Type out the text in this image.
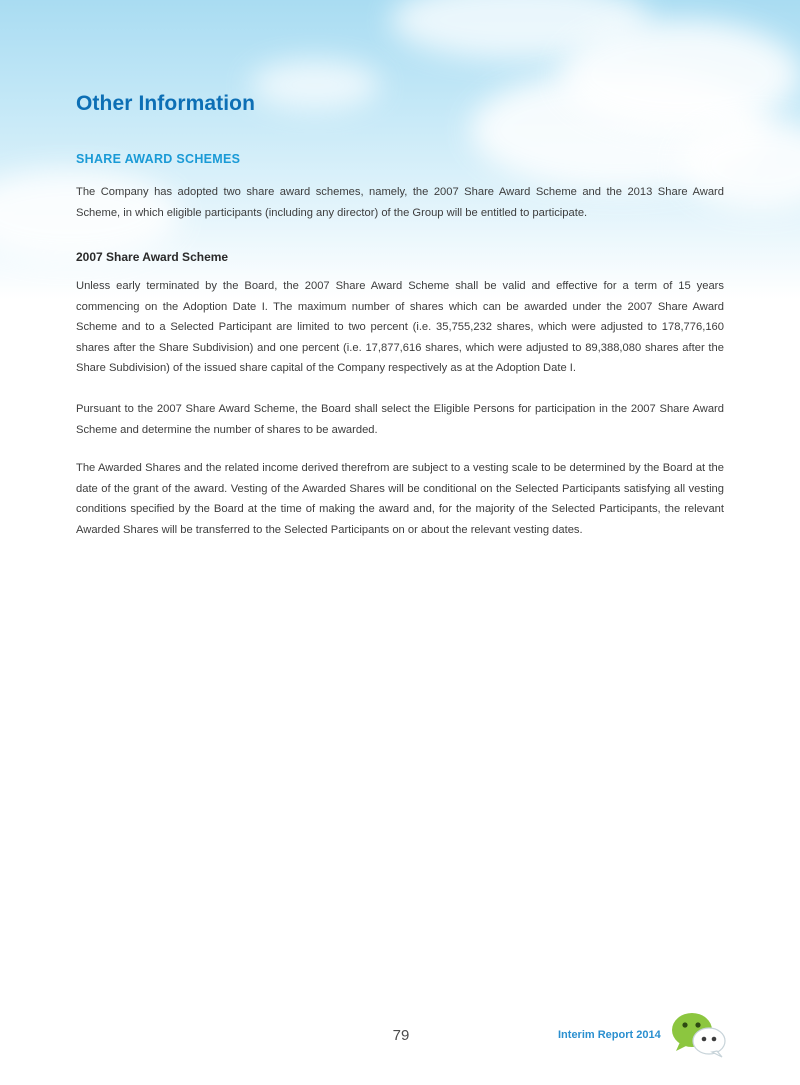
Other Information
SHARE AWARD SCHEMES

The Company has adopted two share award schemes, namely, the 2007 Share Award Scheme and the 2013 Share Award Scheme, in which eligible participants (including any director) of the Group will be entitled to participate.

2007 Share Award Scheme

Unless early terminated by the Board, the 2007 Share Award Scheme shall be valid and effective for a term of 15 years commencing on the Adoption Date I. The maximum number of shares which can be awarded under the 2007 Share Award Scheme and to a Selected Participant are limited to two percent (i.e. 35,755,232 shares, which were adjusted to 178,776,160 shares after the Share Subdivision) and one percent (i.e. 17,877,616 shares, which were adjusted to 89,388,080 shares after the Share Subdivision) of the issued share capital of the Company respectively as at the Adoption Date I.

Pursuant to the 2007 Share Award Scheme, the Board shall select the Eligible Persons for participation in the 2007 Share Award Scheme and determine the number of shares to be awarded.

The Awarded Shares and the related income derived therefrom are subject to a vesting scale to be determined by the Board at the date of the grant of the award. Vesting of the Awarded Shares will be conditional on the Selected Participants satisfying all vesting conditions specified by the Board at the time of making the award and, for the majority of the Selected Participants, the relevant Awarded Shares will be transferred to the Selected Participants on or about the relevant vesting dates.

79	Interim Report 2014
